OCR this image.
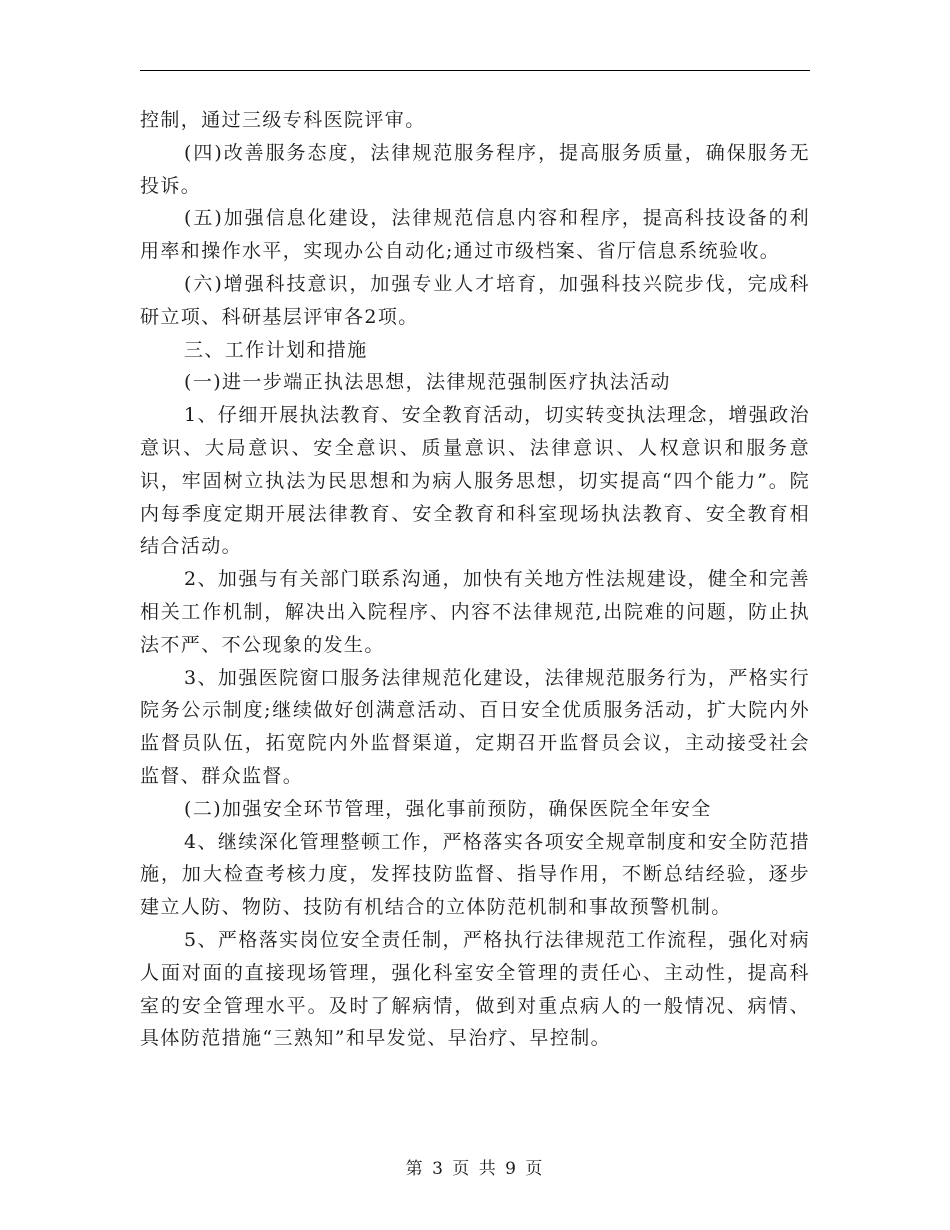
控制，通过三级专科医院评审。

(四)改善服务态度，法律规范服务程序，提高服务质量，确保服务无投诉。

(五)加强信息化建设，法律规范信息内容和程序，提高科技设备的利用率和操作水平，实现办公自动化;通过市级档案、省厅信息系统验收。

(六)增强科技意识，加强专业人才培育，加强科技兴院步伐，完成科研立项、科研基层评审各2项。

三、工作计划和措施

(一)进一步端正执法思想，法律规范强制医疗执法活动

1、仔细开展执法教育、安全教育活动，切实转变执法理念，增强政治意识、大局意识、安全意识、质量意识、法律意识、人权意识和服务意识，牢固树立执法为民思想和为病人服务思想，切实提高“四个能力”。院内每季度定期开展法律教育、安全教育和科室现场执法教育、安全教育相结合活动。

2、加强与有关部门联系沟通，加快有关地方性法规建设，健全和完善相关工作机制，解决出入院程序、内容不法律规范,出院难的问题，防止执法不严、不公现象的发生。

3、加强医院窗口服务法律规范化建设，法律规范服务行为，严格实行院务公示制度;继续做好创满意活动、百日安全优质服务活动，扩大院内外监督员队伍，拓宽院内外监督渠道，定期召开监督员会议，主动接受社会监督、群众监督。

(二)加强安全环节管理，强化事前预防，确保医院全年安全

4、继续深化管理整顿工作，严格落实各项安全规章制度和安全防范措施，加大检查考核力度，发挥技防监督、指导作用，不断总结经验，逐步建立人防、物防、技防有机结合的立体防范机制和事故预警机制。

5、严格落实岗位安全责任制，严格执行法律规范工作流程，强化对病人面对面的直接现场管理，强化科室安全管理的责任心、主动性，提高科室的安全管理水平。及时了解病情，做到对重点病人的一般情况、病情、具体防范措施“三熟知”和早发觉、早治疗、早控制。

第 3 页 共 9 页
